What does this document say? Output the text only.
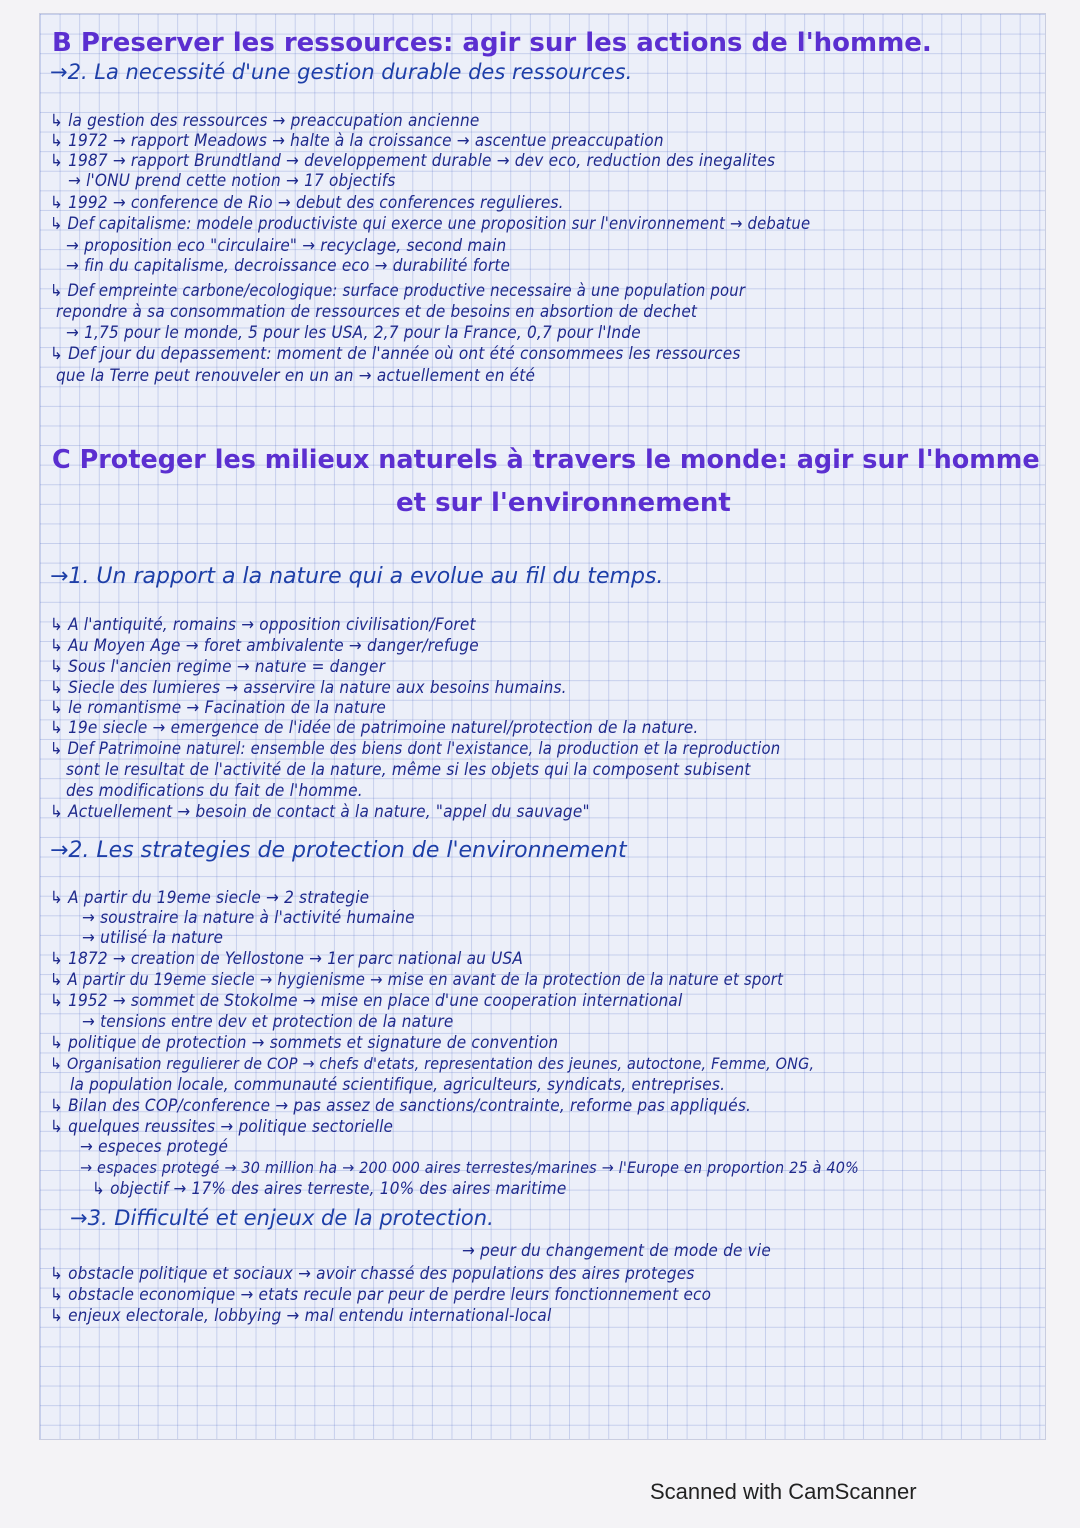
B Preserver les ressources: agir sur les actions de l'homme.
→2. La necessité d'une gestion durable des ressources.
↳ la gestion des ressources → preaccupation ancienne
↳ 1972 → rapport Meadows → halte à la croissance → ascentue preaccupation
↳ 1987 → rapport Brundtland → developpement durable → dev eco, reduction des inegalites
→ l'ONU prend cette notion → 17 objectifs
↳ 1992 → conference de Rio → debut des conferences regulieres.
↳ Def capitalisme: modele productiviste qui exerce une proposition sur l'environnement → debatue
→ proposition eco "circulaire" → recyclage, second main
→ fin du capitalisme, decroissance eco → durabilité forte
↳ Def empreinte carbone/ecologique: surface productive necessaire à une population pour
repondre à sa consommation de ressources et de besoins en absortion de dechet
→ 1,75 pour le monde, 5 pour les USA, 2,7 pour la France, 0,7 pour l'Inde
↳ Def jour du depassement: moment de l'année où ont été consommees les ressources
que la Terre peut renouveler en un an → actuellement en été
C Proteger les milieux naturels à travers le monde: agir sur l'homme
et sur l'environnement
→1. Un rapport a la nature qui a evolue au fil du temps.
↳ A l'antiquité, romains → opposition civilisation/Foret
↳ Au Moyen Age → foret ambivalente → danger/refuge
↳ Sous l'ancien regime → nature = danger
↳ Siecle des lumieres → asservire la nature aux besoins humains.
↳ le romantisme → Facination de la nature
↳ 19e siecle → emergence de l'idée de patrimoine naturel/protection de la nature.
↳ Def Patrimoine naturel: ensemble des biens dont l'existance, la production et la reproduction
sont le resultat de l'activité de la nature, même si les objets qui la composent subisent
des modifications du fait de l'homme.
↳ Actuellement → besoin de contact à la nature, "appel du sauvage"
→2. Les strategies de protection de l'environnement
↳ A partir du 19eme siecle → 2 strategie
→ soustraire la nature à l'activité humaine
→ utilisé la nature
↳ 1872 → creation de Yellostone → 1er parc national au USA
↳ A partir du 19eme siecle → hygienisme → mise en avant de la protection de la nature et sport
↳ 1952 → sommet de Stokolme → mise en place d'une cooperation international
→ tensions entre dev et protection de la nature
↳ politique de protection → sommets et signature de convention
↳ Organisation regulierer de COP → chefs d'etats, representation des jeunes, autoctone, Femme, ONG,
la population locale, communauté scientifique, agriculteurs, syndicats, entreprises.
↳ Bilan des COP/conference → pas assez de sanctions/contrainte, reforme pas appliqués.
↳ quelques reussites → politique sectorielle
→ especes protegé
→ espaces protegé → 30 million ha → 200 000 aires terrestes/marines → l'Europe en proportion 25 à 40%
↳ objectif → 17% des aires terreste, 10% des aires maritime
→3. Difficulté et enjeux de la protection.
→ peur du changement de mode de vie
↳ obstacle politique et sociaux → avoir chassé des populations des aires proteges
↳ obstacle economique → etats recule par peur de perdre leurs fonctionnement eco
↳ enjeux electorale, lobbying → mal entendu international-local
Scanned with CamScanner
